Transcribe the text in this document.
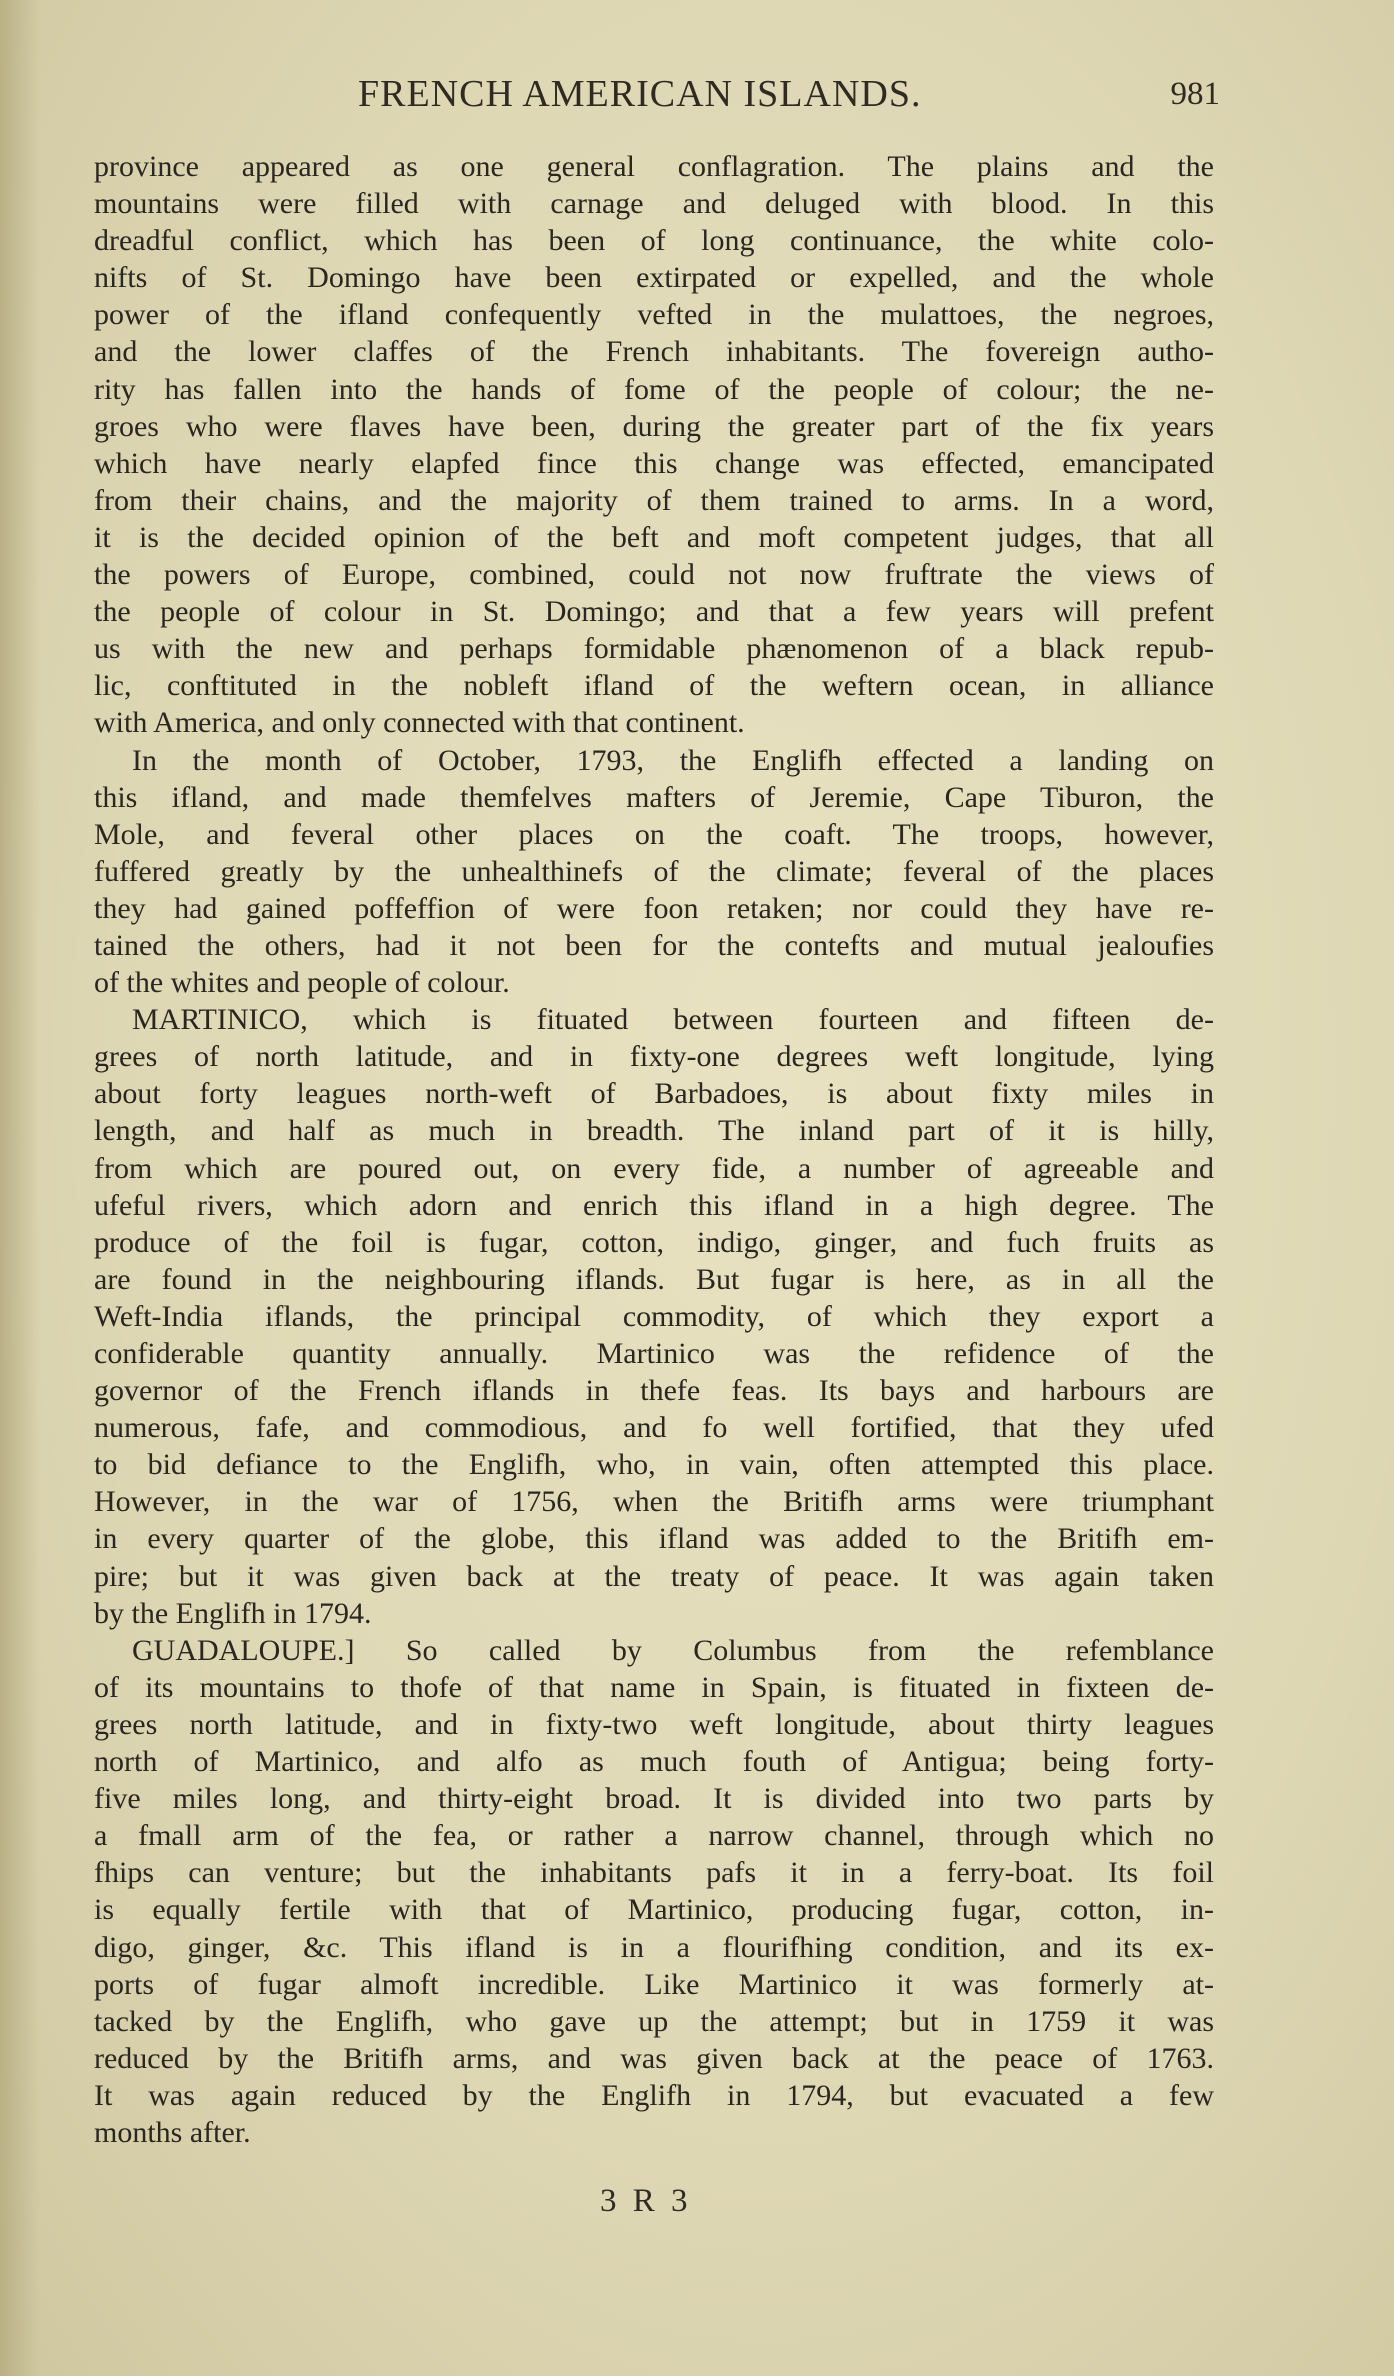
FRENCH AMERICAN ISLANDS.	981
province appeared as one general conflagration. The plains and the
mountains were filled with carnage and deluged with blood. In this
dreadful conflict, which has been of long continuance, the white colo-
nifts of St. Domingo have been extirpated or expelled, and the whole
power of the ifland confequently vefted in the mulattoes, the negroes,
and the lower claffes of the French inhabitants. The fovereign autho-
rity has fallen into the hands of fome of the people of colour; the ne-
groes who were flaves have been, during the greater part of the fix years
which have nearly elapfed fince this change was effected, emancipated
from their chains, and the majority of them trained to arms. In a word,
it is the decided opinion of the beft and moft competent judges, that all
the powers of Europe, combined, could not now fruftrate the views of
the people of colour in St. Domingo; and that a few years will prefent
us with the new and perhaps formidable phænomenon of a black repub-
lic, conftituted in the nobleft ifland of the weftern ocean, in alliance
with America, and only connected with that continent.
In the month of October, 1793, the Englifh effected a landing on
this ifland, and made themfelves mafters of Jeremie, Cape Tiburon, the
Mole, and feveral other places on the coaft. The troops, however,
fuffered greatly by the unhealthinefs of the climate; feveral of the places
they had gained poffeffion of were foon retaken; nor could they have re-
tained the others, had it not been for the contefts and mutual jealoufies
of the whites and people of colour.
MARTINICO, which is fituated between fourteen and fifteen de-
grees of north latitude, and in fixty-one degrees weft longitude, lying
about forty leagues north-weft of Barbadoes, is about fixty miles in
length, and half as much in breadth. The inland part of it is hilly,
from which are poured out, on every fide, a number of agreeable and
ufeful rivers, which adorn and enrich this ifland in a high degree. The
produce of the foil is fugar, cotton, indigo, ginger, and fuch fruits as
are found in the neighbouring iflands. But fugar is here, as in all the
Weft-India iflands, the principal commodity, of which they export a
confiderable quantity annually. Martinico was the refidence of the
governor of the French iflands in thefe feas. Its bays and harbours are
numerous, fafe, and commodious, and fo well fortified, that they ufed
to bid defiance to the Englifh, who, in vain, often attempted this place.
However, in the war of 1756, when the Britifh arms were triumphant
in every quarter of the globe, this ifland was added to the Britifh em-
pire; but it was given back at the treaty of peace. It was again taken
by the Englifh in 1794.
GUADALOUPE.] So called by Columbus from the refemblance
of its mountains to thofe of that name in Spain, is fituated in fixteen de-
grees north latitude, and in fixty-two weft longitude, about thirty leagues
north of Martinico, and alfo as much fouth of Antigua; being forty-
five miles long, and thirty-eight broad. It is divided into two parts by
a fmall arm of the fea, or rather a narrow channel, through which no
fhips can venture; but the inhabitants pafs it in a ferry-boat. Its foil
is equally fertile with that of Martinico, producing fugar, cotton, in-
digo, ginger, &c. This ifland is in a flourifhing condition, and its ex-
ports of fugar almoft incredible. Like Martinico it was formerly at-
tacked by the Englifh, who gave up the attempt; but in 1759 it was
reduced by the Britifh arms, and was given back at the peace of 1763.
It was again reduced by the Englifh in 1794, but evacuated a few
months after.
3 R 3
